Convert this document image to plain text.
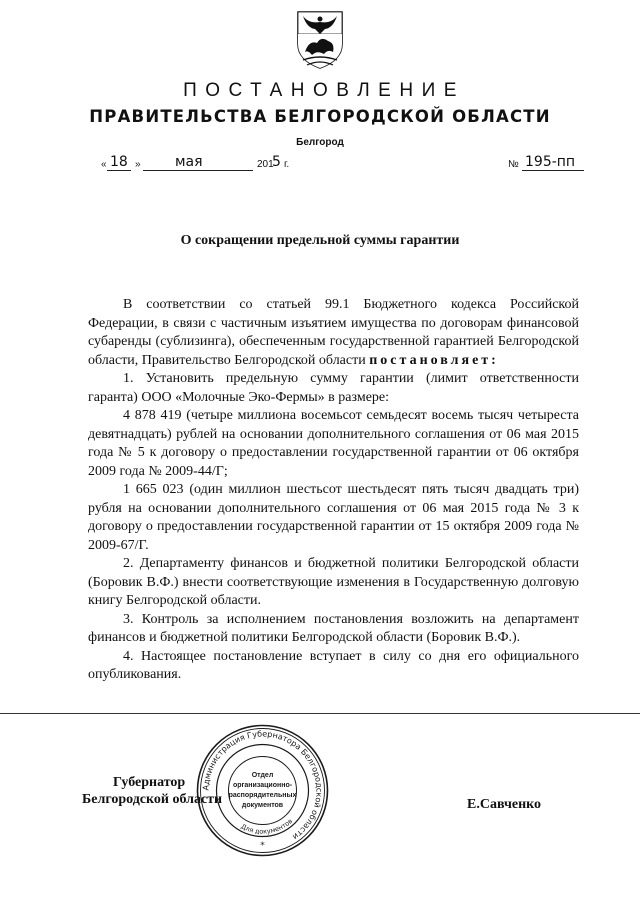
ПОСТАНОВЛЕНИЕ
ПРАВИТЕЛЬСТВА БЕЛГОРОДСКОЙ ОБЛАСТИ
Белгород
« 18 » мая	201
5 г.	№ 195-пп
О сокращении предельной суммы гарантии

В соответствии со статьей 99.1 Бюджетного кодекса Российской Федерации, в связи с частичным изъятием имущества по договорам финансовой субаренды (сублизинга), обеспеченным государственной гарантией Белгородской области, Правительство Белгородской области постановляет:

1. Установить предельную сумму гарантии (лимит ответственности гаранта) ООО «Молочные Эко-Фермы» в размере:

4 878 419 (четыре миллиона восемьсот семьдесят восемь тысяч четыреста девятнадцать) рублей на основании дополнительного соглашения от 06 мая 2015 года № 5 к договору о предоставлении государственной гарантии от 06 октября 2009 года № 2009-44/Г;

1 665 023 (один миллион шестьсот шестьдесят пять тысяч двадцать три) рубля на основании дополнительного соглашения от 06 мая 2015 года № 3 к договору о предоставлении государственной гарантии от 15 октября 2009 года № 2009-67/Г.

2. Департаменту финансов и бюджетной политики Белгородской области (Боровик В.Ф.) внести соответствующие изменения в Государственную долговую книгу Белгородской области.

3. Контроль за исполнением постановления возложить на департамент финансов и бюджетной политики Белгородской области (Боровик В.Ф.).

4. Настоящее постановление вступает в силу со дня его официального опубликования.

Губернатор
Белгородской области	Е.Савченко
Администрация Губернатора Белгородской области
Для документов
Отдел
организационно-
распорядительных
документов
*
